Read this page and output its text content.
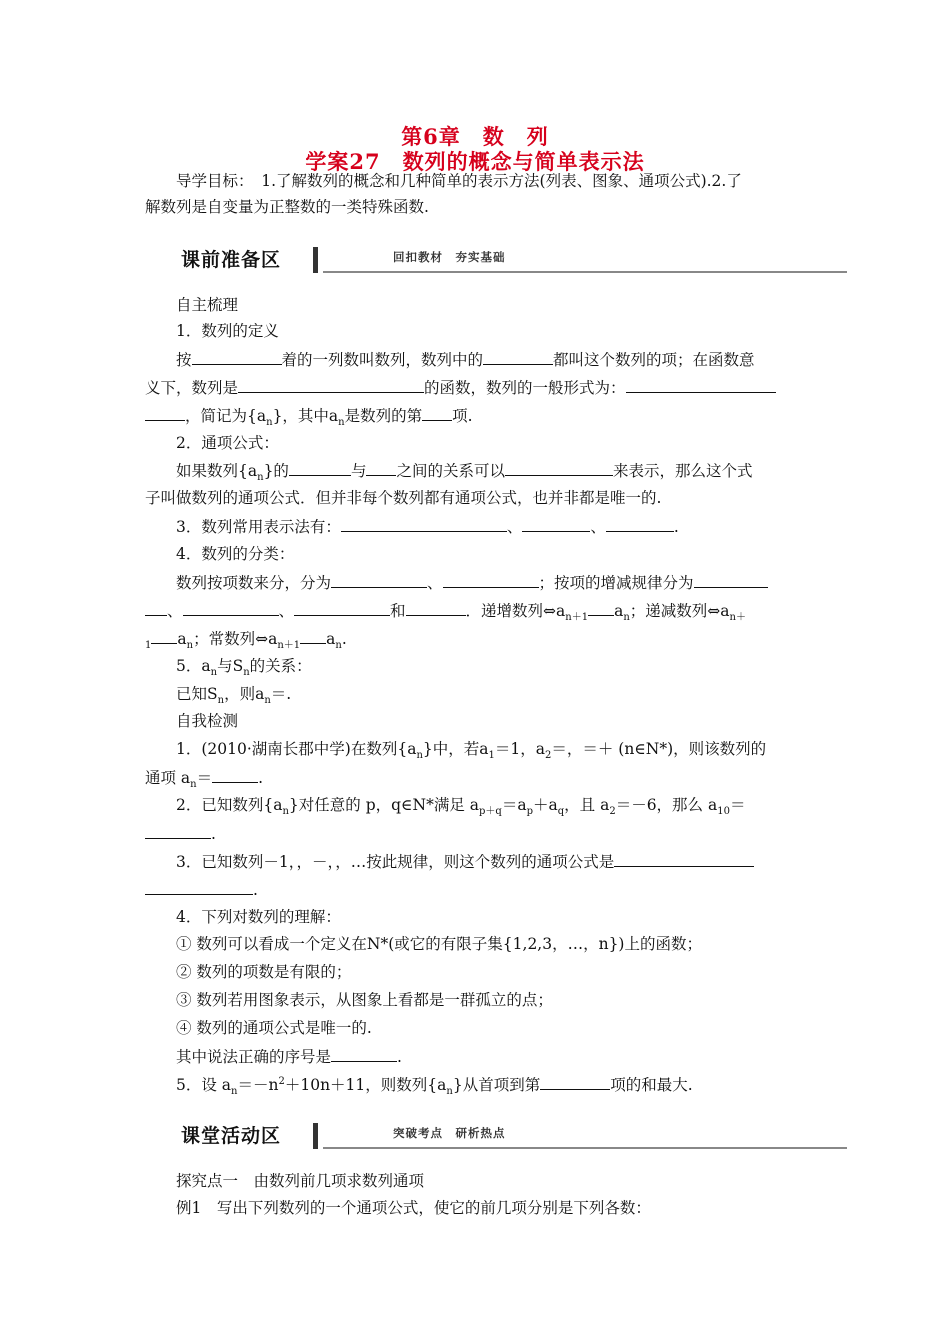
第6章　数　列
学案27　数列的概念与简单表示法
导学目标：　1.了解数列的概念和几种简单的表示方法(列表、图象、通项公式).2.了
解数列是自变量为正整数的一类特殊函数.
课前准备区	回扣教材　夯实基础
自主梳理
1．数列的定义
按	着的一列数叫数列，数列中的	都叫这个数列的项；在函数意
义下，数列是	的函数，数列的一般形式为：
，简记为$\{a_n\}$，其中$a_n$是数列的第 项.
2．通项公式：
如果数列$\{a_n\}$的	与 之间的关系可以	来表示，那么这个式
子叫做数列的通项公式．但并非每个数列都有通项公式，也并非都是唯一的.
3．数列常用表示法有：	、	、	.
4．数列的分类：
数列按项数来分，分为	、	；按项的增减规律分为
、	、	和	．递增数列$\Leftrightarrow a_{n+1}$ $a_n$；递减数列$\Leftrightarrow a_{n+}$
$_1$ $a_n$；常数列$\Leftrightarrow a_{n+1}$ $a_n$.
5．$a_n$与$S_n$的关系：
已知$S_n$，则$a_n=$.
自我检测
1．(2010·湖南长郡中学)在数列$\{a_n\}$中，若$a_1=1$，$a_2=$，＝＋ (n∈N*)，则该数列的
通项 $a_n=$	.
2．已知数列$\{a_n\}$对任意的 p，q∈N*满足 $a_{p+q}=a_p+a_q$，且 $a_2=-6$，那么 $a_{10}=$
.
3．已知数列－1，，－，，…按此规律，则这个数列的通项公式是
.
4．下列对数列的理解：
① 数列可以看成一个定义在N*(或它的有限子集{1,2,3，…，n})上的函数；
② 数列的项数是有限的；
③ 数列若用图象表示，从图象上看都是一群孤立的点；
④ 数列的通项公式是唯一的.
其中说法正确的序号是	.
5．设 $a_n=-n^2+10n+11$，则数列$\{a_n\}$从首项到第	项的和最大.
课堂活动区	突破考点　研析热点
探究点一　由数列前几项求数列通项
例1　写出下列数列的一个通项公式，使它的前几项分别是下列各数：
